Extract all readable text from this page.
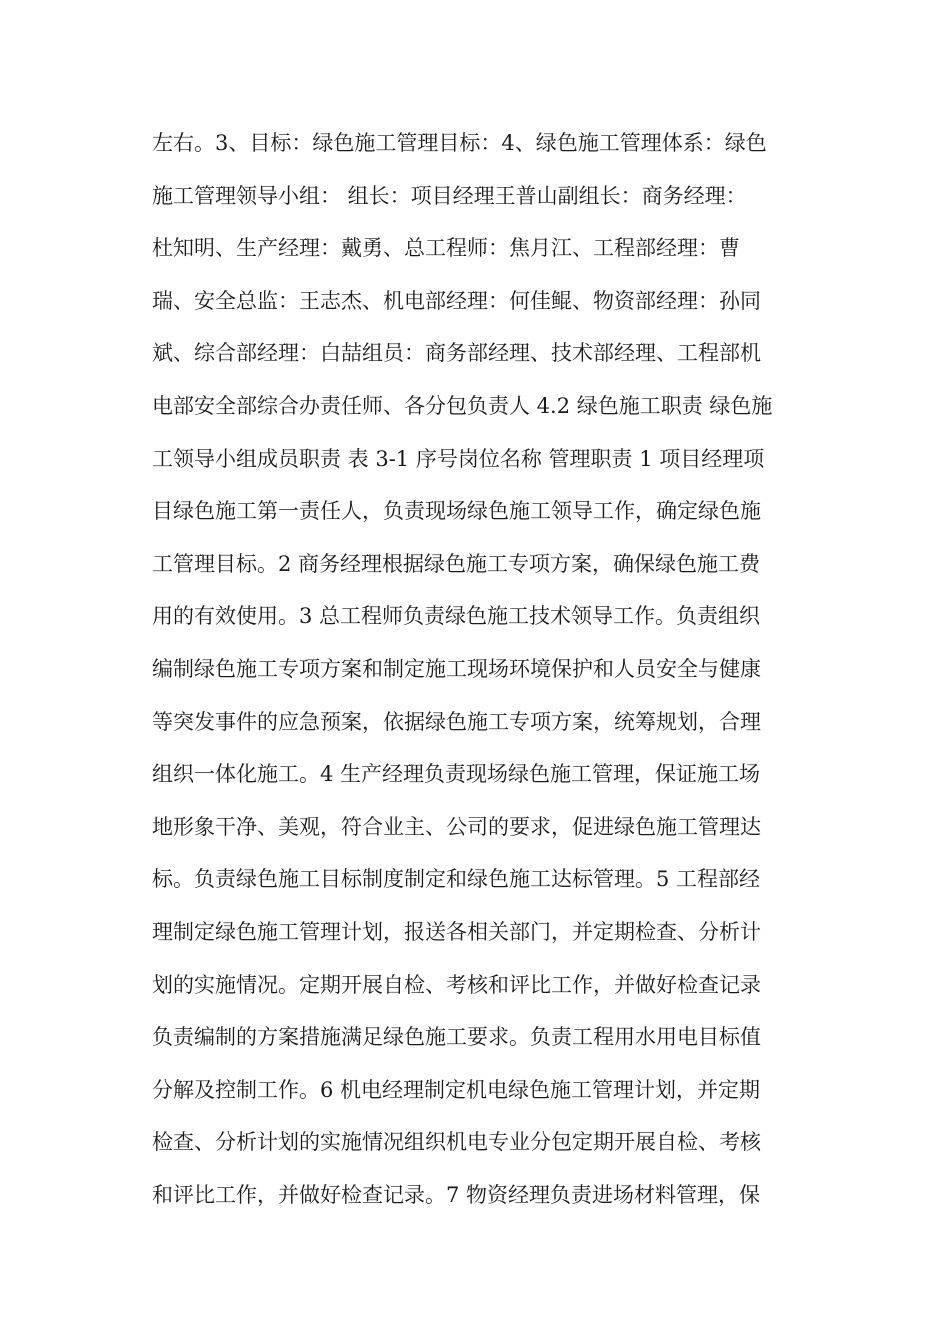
左右。3、目标：绿色施工管理目标：4、绿色施工管理体系：绿色
施工管理领导小组： 组长：项目经理王普山副组长：商务经理：
杜知明、生产经理：戴勇、总工程师：焦月江、工程部经理：曹
瑞、安全总监：王志杰、机电部经理：何佳鲲、物资部经理：孙同
斌、综合部经理：白喆组员：商务部经理、技术部经理、工程部机
电部安全部综合办责任师、各分包负责人 4.2 绿色施工职责 绿色施
工领导小组成员职责 表 3-1 序号岗位名称 管理职责 1 项目经理项
目绿色施工第一责任人，负责现场绿色施工领导工作，确定绿色施
工管理目标。2 商务经理根据绿色施工专项方案，确保绿色施工费
用的有效使用。3 总工程师负责绿色施工技术领导工作。负责组织
编制绿色施工专项方案和制定施工现场环境保护和人员安全与健康
等突发事件的应急预案，依据绿色施工专项方案，统筹规划，合理
组织一体化施工。4 生产经理负责现场绿色施工管理，保证施工场
地形象干净、美观，符合业主、公司的要求，促进绿色施工管理达
标。负责绿色施工目标制度制定和绿色施工达标管理。5 工程部经
理制定绿色施工管理计划，报送各相关部门，并定期检查、分析计
划的实施情况。定期开展自检、考核和评比工作，并做好检查记录
负责编制的方案措施满足绿色施工要求。负责工程用水用电目标值
分解及控制工作。6 机电经理制定机电绿色施工管理计划，并定期
检查、分析计划的实施情况组织机电专业分包定期开展自检、考核
和评比工作，并做好检查记录。7 物资经理负责进场材料管理，保
